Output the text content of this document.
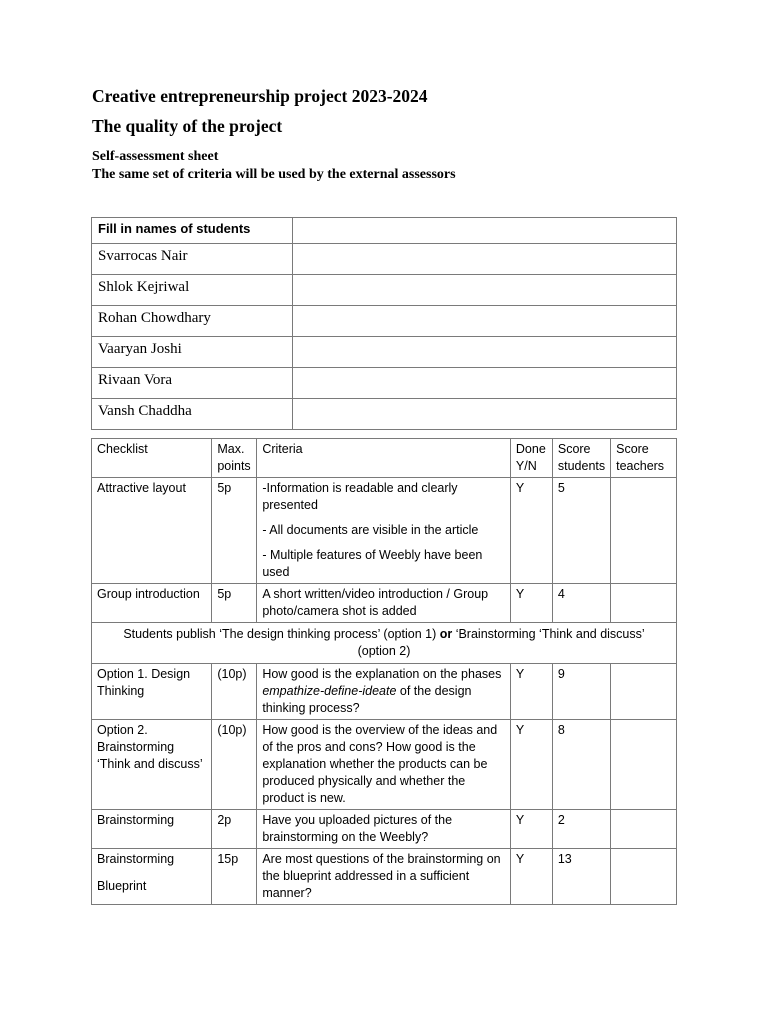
Creative entrepreneurship project 2023-2024
The quality of the project
Self-assessment sheet
The same set of criteria will be used by the external assessors
Fill in names of students	
Svarrocas Nair	
Shlok Kejriwal	
Rohan Chowdhary	
Vaaryan Joshi	
Rivaan Vora	
Vansh Chaddha	
Checklist	Max. points	Criteria	Done Y/N	Score students	Score teachers
Attractive layout	5p	-Information is readable and clearly presented

- All documents are visible in the article

- Multiple features of Weebly have been used	Y	5	
Group introduction	5p	A short written/video introduction / Group photo/camera shot is added	Y	4	
Students publish ‘The design thinking process’ (option 1) or ‘Brainstorming ‘Think and discuss’ (option 2)					
Option 1. Design Thinking	(10p)	How good is the explanation on the phases empathize-define-ideate of the design thinking process?	Y	9	
Option 2. Brainstorming ‘Think and discuss’	(10p)	How good is the overview of the ideas and of the pros and cons? How good is the explanation whether the products can be produced physically and whether the product is new.	Y	8	
Brainstorming	2p	Have you uploaded pictures of the brainstorming on the Weebly?	Y	2	

Brainstorming
Blueprint	15p	Are most questions of the brainstorming on the blueprint addressed in a sufficient manner?	Y	13	
